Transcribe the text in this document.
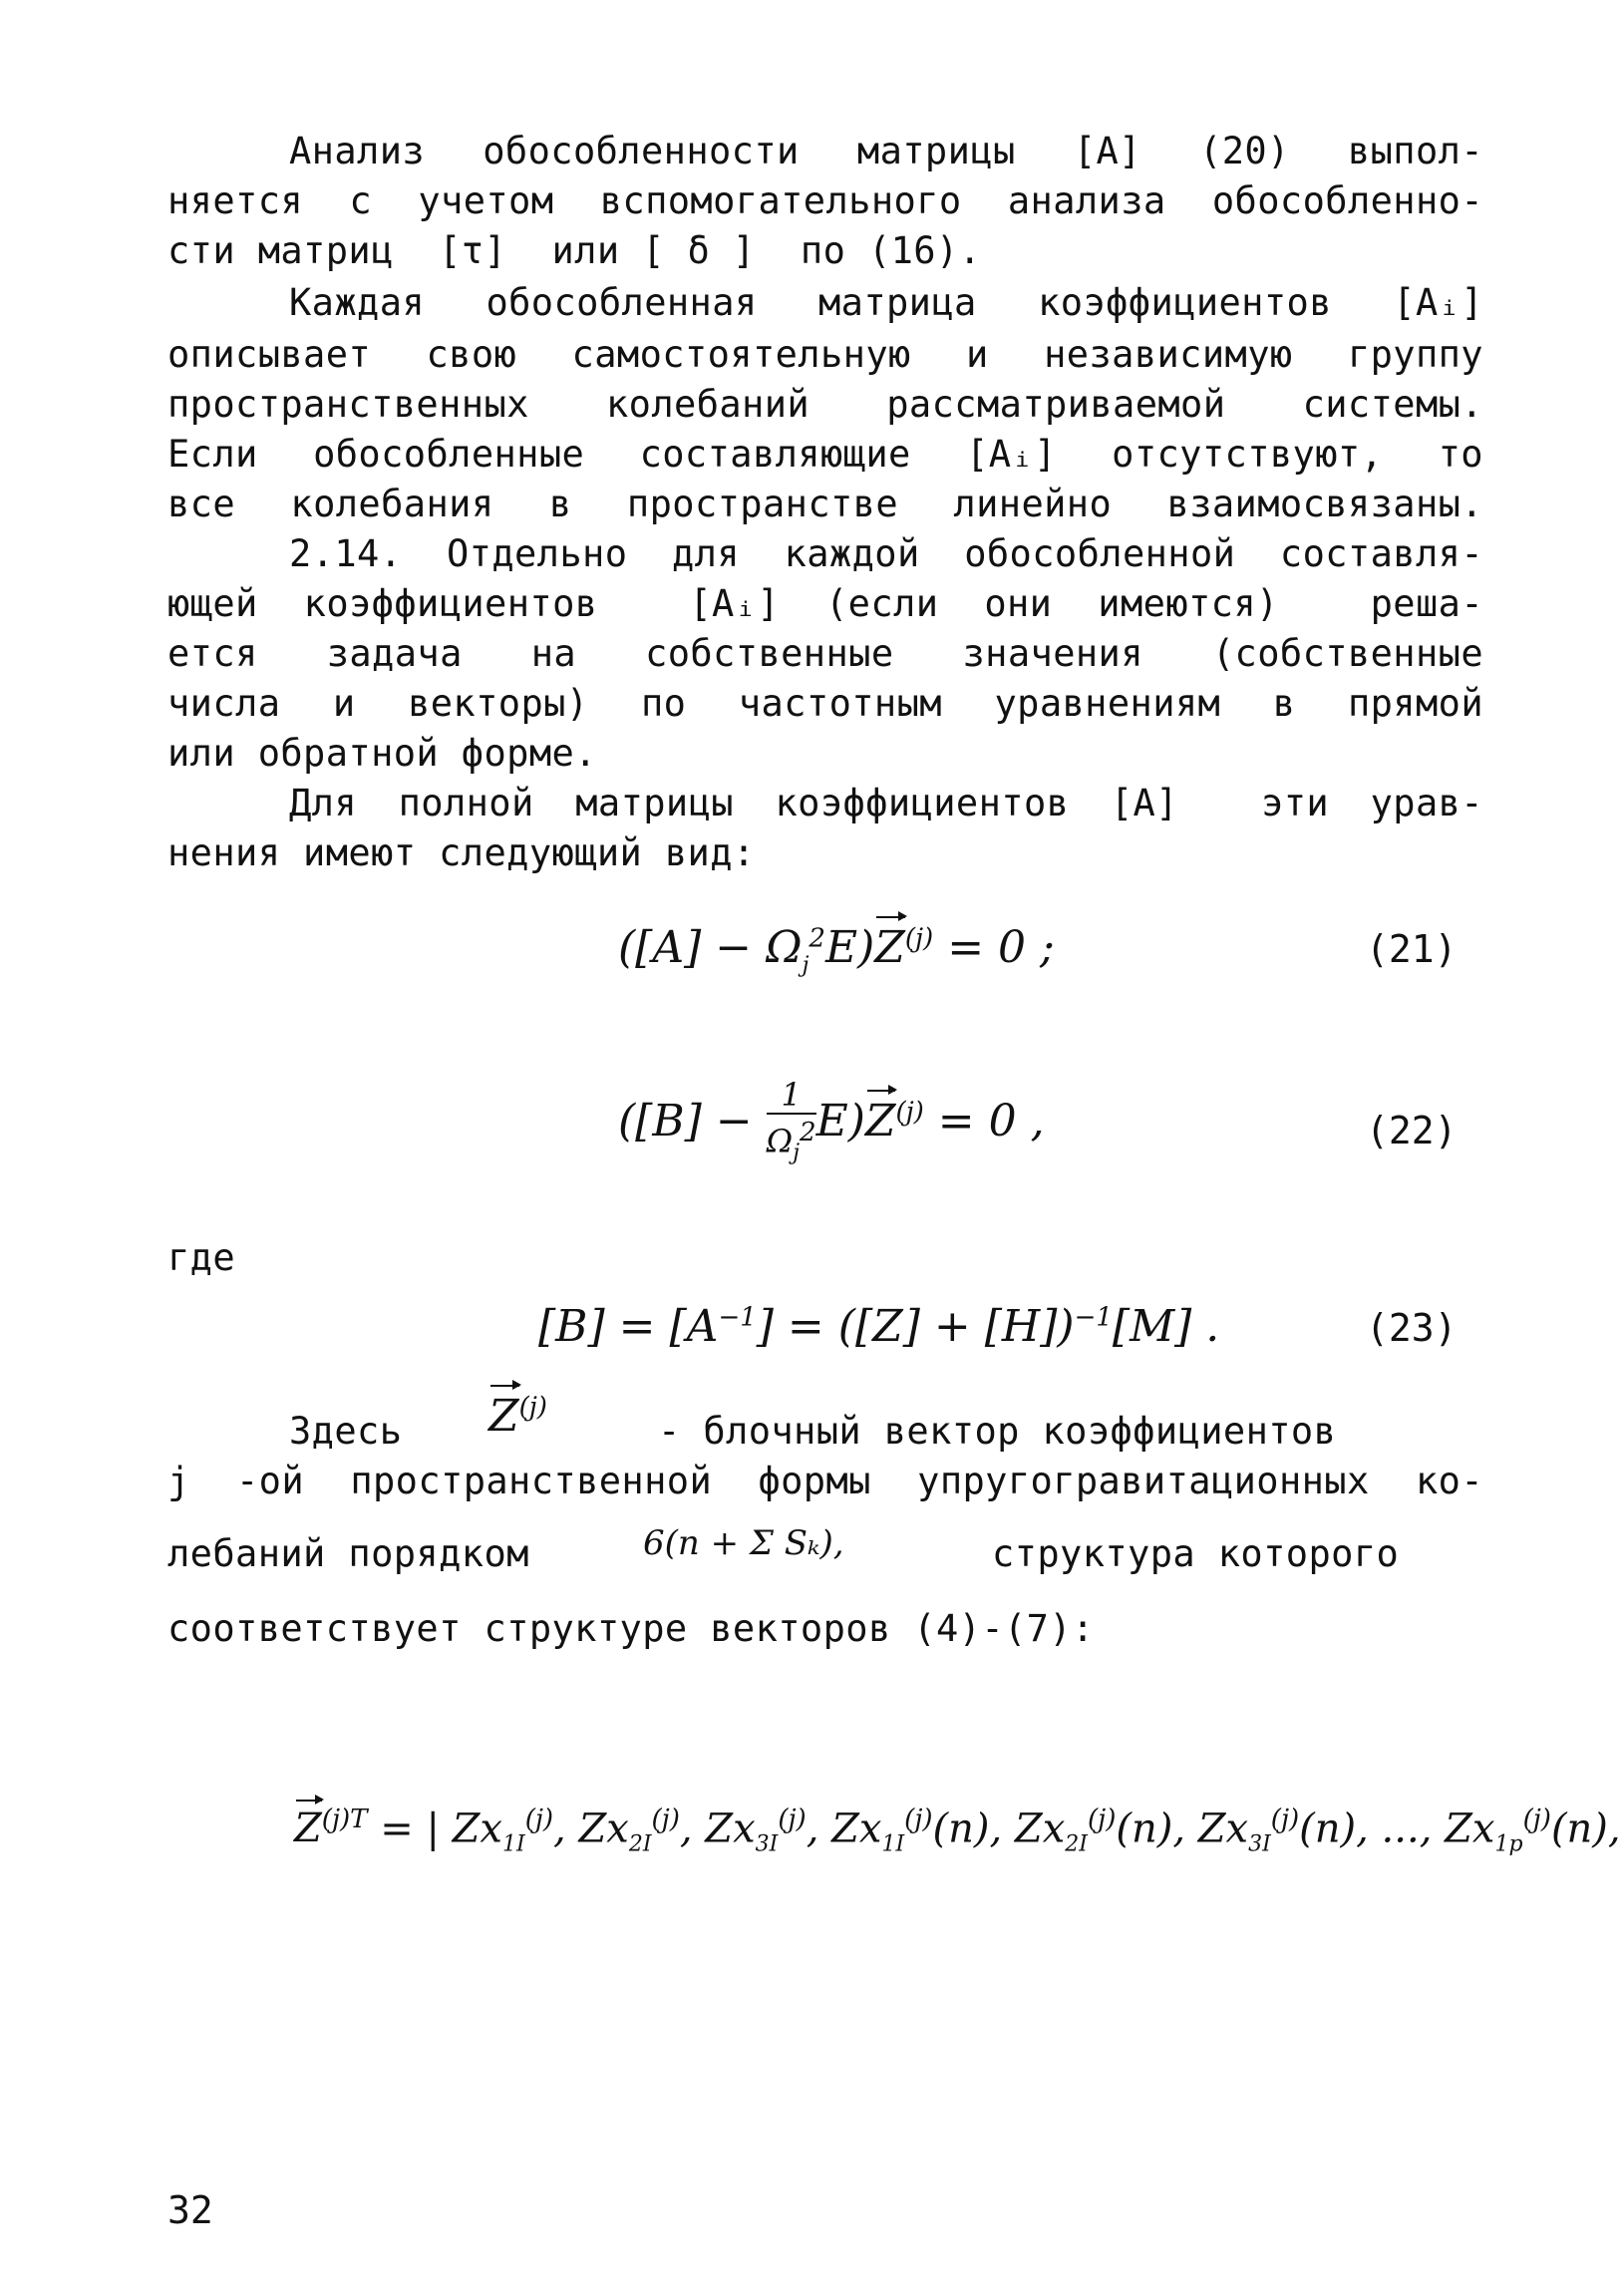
Анализ обособленности матрицы [A] (20) выпол-
няется с учетом вспомогательного анализа обособленно-
сти матриц  [τ]  или [ δ ]  по (16).
Каждая обособленная матрица коэффициентов [Aᵢ]
описывает свою самостоятельную и независимую группу
пространственных колебаний рассматриваемой системы.
Если обособленные составляющие [Aᵢ] отсутствуют, то
все колебания в пространстве линейно взаимосвязаны.
2.14. Отдельно для каждой обособленной составля-
ющей коэффициентов  [Aᵢ] (если они имеются)  реша-
ется задача на собственные значения (собственные
числа и векторы) по частотным уравнениям в прямой
или обратной форме.
Для полной матрицы коэффициентов [A]  эти урав-
нения имеют следующий вид:
$([A] - \Omega_j^2E)Z^{(j)} = 0$ ;	(21)
$([B] - \frac{1}{\Omega_j^2} E)Z^{(j)} = 0$ ,	(22)
где
$[B] = [A^{-1}] = ([Z] + [H])^{-1}[M]$ .	(23)
Здесь $Z^{(j)}$
- блочный вектор коэффициентов
j -ой пространственной формы упругогравитационных ко-
лебаний порядком	6(n + Σ Sₖ),	структура которого
соответствует структуре векторов (4)-(7):
$Z^{(j)T}$ = | $Zx_{1I}^{(j)}$, $Zx_{2I}^{(j)}$, $Zx_{3I}^{(j)}$, $Zx_{1I}^{(j)}(n)$, $Zx_{2I}^{(j)}(n)$, $Zx_{3I}^{(j)}(n)$, ..., $Zx_{1p}^{(j)}(n)$,
32
